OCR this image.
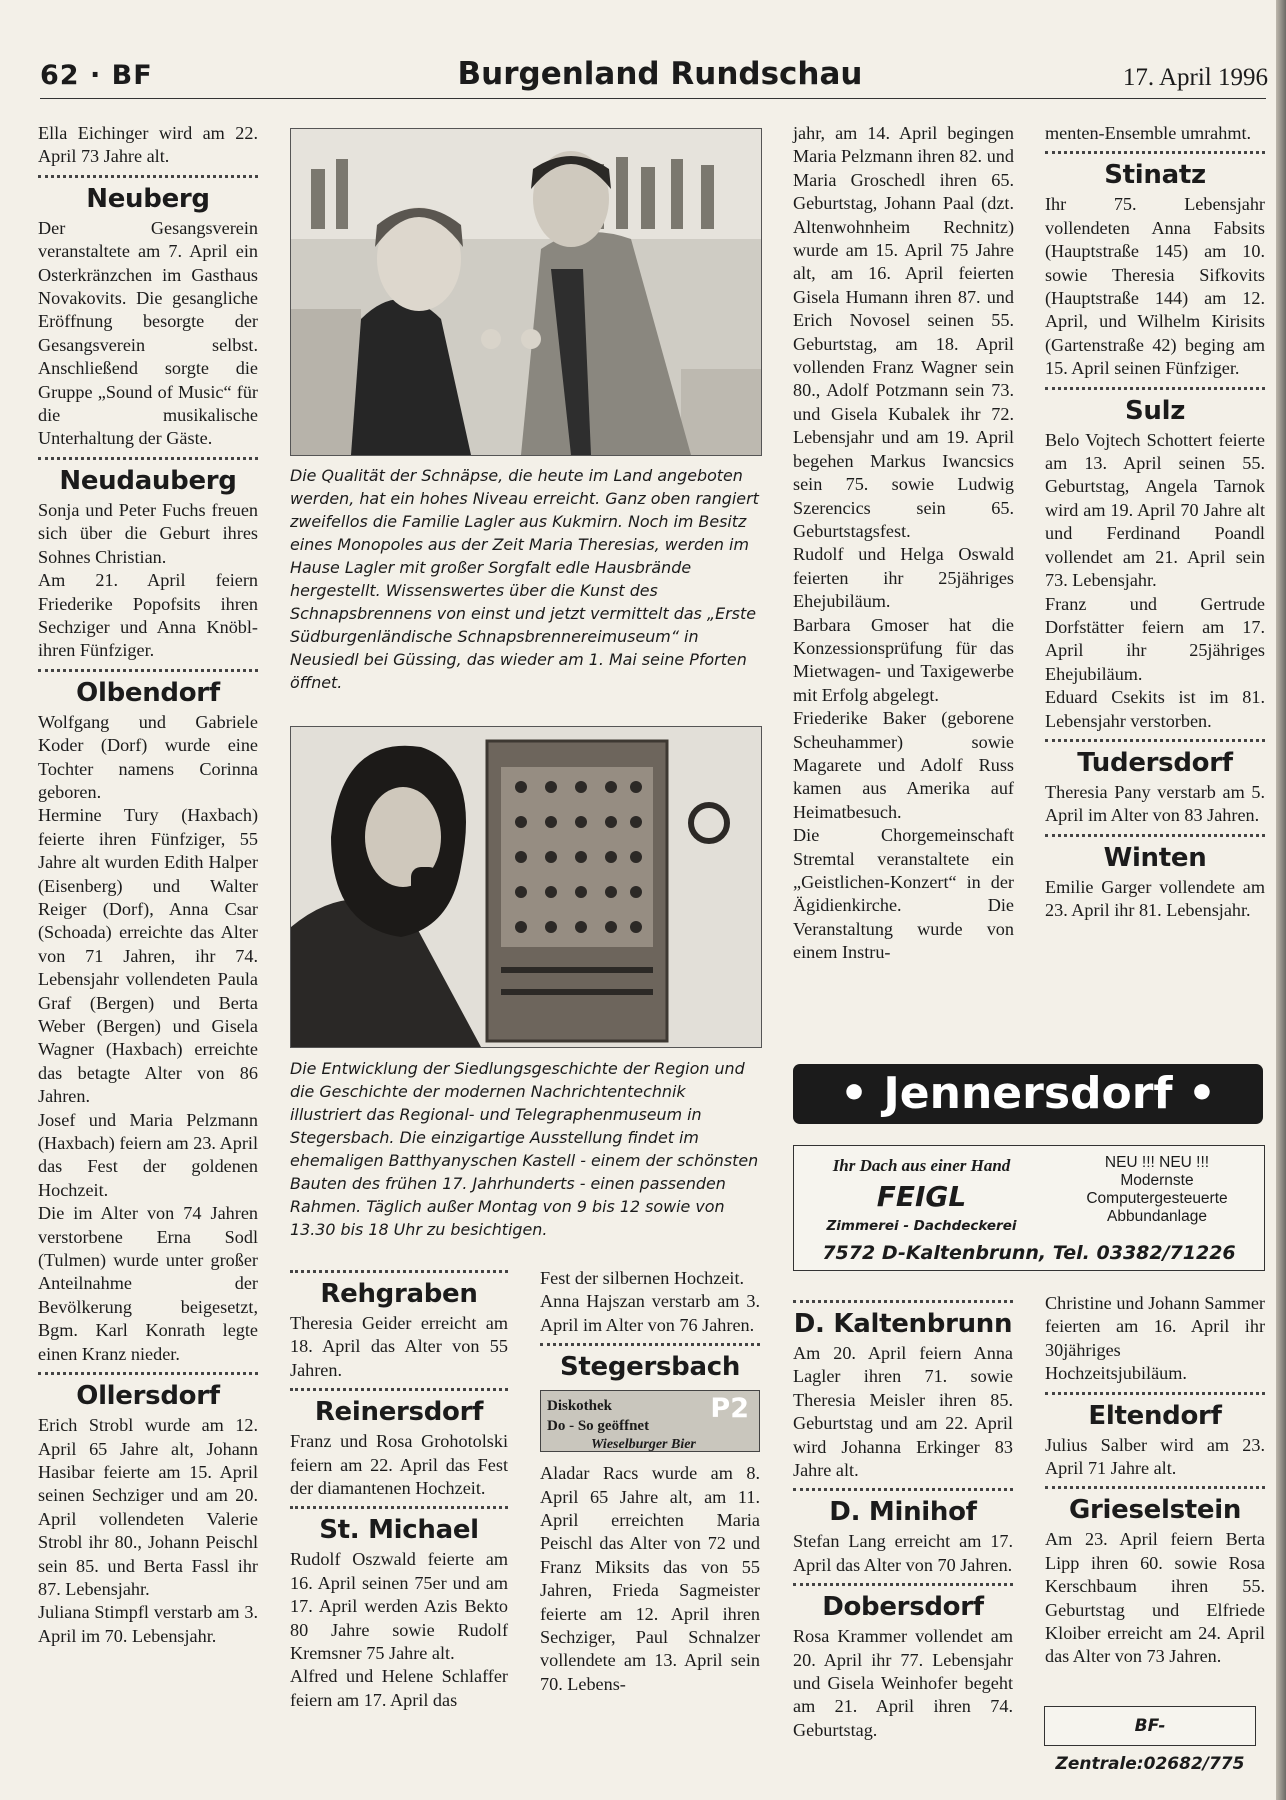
62 · BF	Burgenland Rundschau	17. April 1996

Ella Eichinger wird am 22. April 73 Jahre alt.

Neuberg

Der Gesangsverein veranstaltete am 7. April ein Osterkränzchen im Gasthaus Novakovits. Die gesangliche Eröffnung besorgte der Gesangsverein selbst. Anschließend sorgte die Gruppe „Sound of Music“ für die musikalische Unterhaltung der Gäste.

Neudauberg

Sonja und Peter Fuchs freuen sich über die Geburt ihres Sohnes Christian.

Am 21. April feiern Friederike Popofsits ihren Sechziger und Anna Knöbl-ihren Fünfziger.

Olbendorf

Wolfgang und Gabriele Koder (Dorf) wurde eine Tochter namens Corinna geboren.

Hermine Tury (Haxbach) feierte ihren Fünfziger, 55 Jahre alt wurden Edith Halper (Eisenberg) und Walter Reiger (Dorf), Anna Csar (Schoada) erreichte das Alter von 71 Jahren, ihr 74. Lebensjahr vollendeten Paula Graf (Bergen) und Berta Weber (Bergen) und Gisela Wagner (Haxbach) erreichte das betagte Alter von 86 Jahren.

Josef und Maria Pelzmann (Haxbach) feiern am 23. April das Fest der goldenen Hochzeit.

Die im Alter von 74 Jahren verstorbene Erna Sodl (Tulmen) wurde unter großer Anteilnahme der Bevölkerung beigesetzt, Bgm. Karl Konrath legte einen Kranz nieder.

Ollersdorf

Erich Strobl wurde am 12. April 65 Jahre alt, Johann Hasibar feierte am 15. April seinen Sechziger und am 20. April vollendeten Valerie Strobl ihr 80., Johann Peischl sein 85. und Berta Fassl ihr 87. Lebensjahr.

Juliana Stimpfl verstarb am 3. April im 70. Lebensjahr.

Die Qualität der Schnäpse, die heute im Land angeboten werden, hat ein hohes Niveau erreicht. Ganz oben rangiert zweifellos die Familie Lagler aus Kukmirn. Noch im Besitz eines Monopoles aus der Zeit Maria Theresias, werden im Hause Lagler mit großer Sorgfalt edle Hausbrände hergestellt. Wissenswertes über die Kunst des Schnapsbrennens von einst und jetzt vermittelt das „Erste Südburgenländische Schnapsbrennereimuseum“ in Neusiedl bei Güssing, das wieder am 1. Mai seine Pforten öffnet.
Die Entwicklung der Siedlungsgeschichte der Region und die Geschichte der modernen Nachrichtentechnik illustriert das Regional- und Telegraphenmuseum in Stegersbach. Die einzigartige Ausstellung findet im ehemaligen Batthyanyschen Kastell - einem der schönsten Bauten des frühen 17. Jahrhunderts - einen passenden Rahmen. Täglich außer Montag von 9 bis 12 sowie von 13.30 bis 18 Uhr zu besichtigen.
Rehgraben

Theresia Geider erreicht am 18. April das Alter von 55 Jahren.

Reinersdorf

Franz und Rosa Grohotolski feiern am 22. April das Fest der diamantenen Hochzeit.

St. Michael

Rudolf Oszwald feierte am 16. April seinen 75er und am 17. April werden Azis Bekto 80 Jahre sowie Rudolf Kremsner 75 Jahre alt.

Alfred und Helene Schlaffer feiern am 17. April das

Fest der silbernen Hochzeit.

Anna Hajszan verstarb am 3. April im Alter von 76 Jahren.

Stegersbach
Diskothek
Do - So geöffnet
Wieselburger Bier
P2

Aladar Racs wurde am 8. April 65 Jahre alt, am 11. April erreichten Maria Peischl das Alter von 72 und Franz Miksits das von 55 Jahren, Frieda Sagmeister feierte am 12. April ihren Sechziger, Paul Schnalzer vollendete am 13. April sein 70. Lebens-

jahr, am 14. April begingen Maria Pelzmann ihren 82. und Maria Groschedl ihren 65. Geburtstag, Johann Paal (dzt. Altenwohnheim Rechnitz) wurde am 15. April 75 Jahre alt, am 16. April feierten Gisela Humann ihren 87. und Erich Novosel seinen 55. Geburtstag, am 18. April vollenden Franz Wagner sein 80., Adolf Potzmann sein 73. und Gisela Kubalek ihr 72. Lebensjahr und am 19. April begehen Markus Iwancsics sein 75. sowie Ludwig Szerencics sein 65. Geburtstagsfest.

Rudolf und Helga Oswald feierten ihr 25jähriges Ehejubiläum.

Barbara Gmoser hat die Konzessionsprüfung für das Mietwagen- und Taxigewerbe mit Erfolg abgelegt.

Friederike Baker (geborene Scheuhammer) sowie Magarete und Adolf Russ kamen aus Amerika auf Heimatbesuch.

Die Chorgemeinschaft Stremtal veranstaltete ein „Geistlichen-Konzert“ in der Ägidienkirche. Die Veranstaltung wurde von einem Instru-

menten-Ensemble umrahmt.

Stinatz

Ihr 75. Lebensjahr vollendeten Anna Fabsits (Hauptstraße 145) am 10. sowie Theresia Sifkovits (Hauptstraße 144) am 12. April, und Wilhelm Kirisits (Gartenstraße 42) beging am 15. April seinen Fünfziger.

Sulz

Belo Vojtech Schottert feierte am 13. April seinen 55. Geburtstag, Angela Tarnok wird am 19. April 70 Jahre alt und Ferdinand Poandl vollendet am 21. April sein 73. Lebensjahr.

Franz und Gertrude Dorfstätter feiern am 17. April ihr 25jähriges Ehejubiläum.

Eduard Csekits ist im 81. Lebensjahr verstorben.

Tudersdorf

Theresia Pany verstarb am 5. April im Alter von 83 Jahren.

Winten

Emilie Garger vollendete am 23. April ihr 81. Lebensjahr.

• Jennersdorf •
Ihr Dach aus einer Hand
FEIGL
Zimmerei - Dachdeckerei
NEU !!! NEU !!!
Modernste
Computergesteuerte
Abbundanlage
7572 D-Kaltenbrunn, Tel. 03382/71226
D. Kaltenbrunn

Am 20. April feiern Anna Lagler ihren 71. sowie Theresia Meisler ihren 85. Geburtstag und am 22. April wird Johanna Erkinger 83 Jahre alt.

D. Minihof

Stefan Lang erreicht am 17. April das Alter von 70 Jahren.

Dobersdorf

Rosa Krammer vollendet am 20. April ihr 77. Lebensjahr und Gisela Weinhofer begeht am 21. April ihren 74. Geburtstag.

Christine und Johann Sammer feierten am 16. April ihr 30jähriges Hochzeitsjubiläum.

Eltendorf

Julius Salber wird am 23. April 71 Jahre alt.

Grieselstein

Am 23. April feiern Berta Lipp ihren 60. sowie Rosa Kerschbaum ihren 55. Geburtstag und Elfriede Kloiber erreicht am 24. April das Alter von 73 Jahren.

BF-Zentrale:02682/775
